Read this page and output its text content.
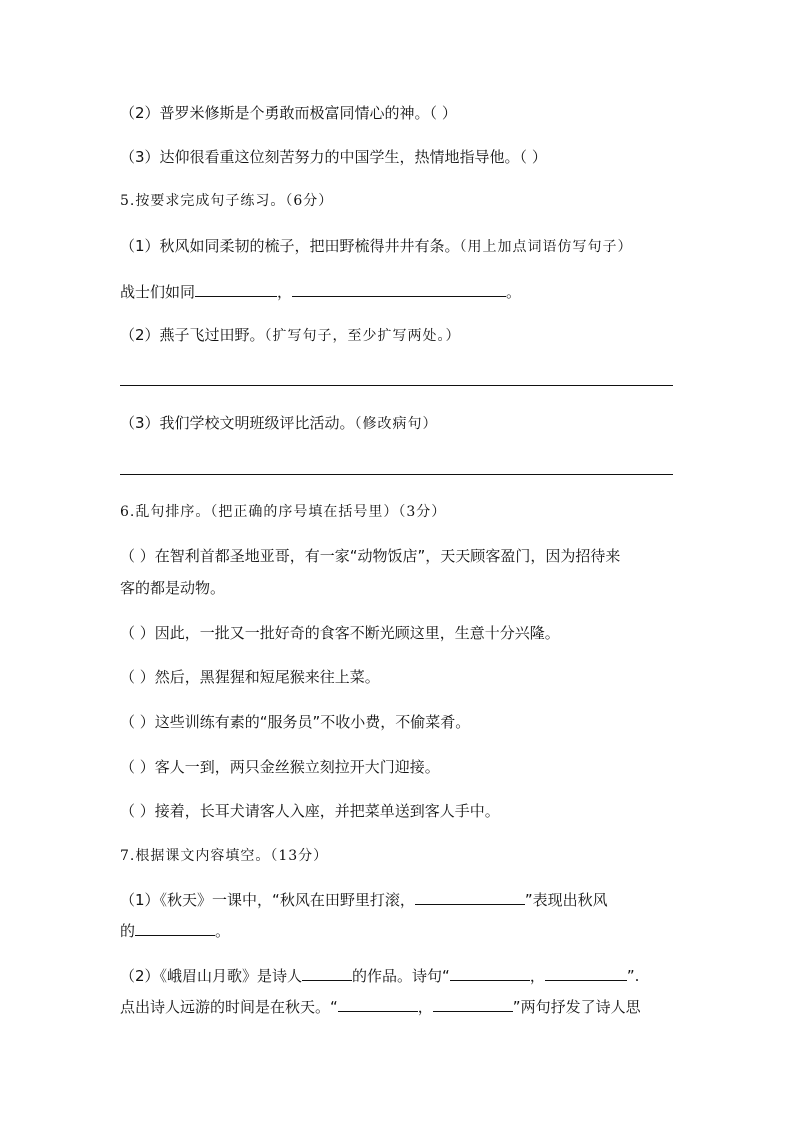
（2）普罗米修斯是个勇敢而极富同情心的神。（ ）
（3）达仰很看重这位刻苦努力的中国学生，热情地指导他。（ ）
5.按要求完成句子练习。（6分）
（1）秋风如同柔韧的梳子，把田野梳得井井有条。（用上加点词语仿写句子）
战士们如同	，	。
（2）燕子飞过田野。（扩写句子，至少扩写两处。）
（3）我们学校文明班级评比活动。（修改病句）
6.乱句排序。（把正确的序号填在括号里）（3分）
（ ）在智利首都圣地亚哥，有一家“动物饭店”，天天顾客盈门，因为招待来
客的都是动物。
（ ）因此，一批又一批好奇的食客不断光顾这里，生意十分兴隆。
（ ）然后，黑猩猩和短尾猴来往上菜。
（ ）这些训练有素的“服务员”不收小费，不偷菜肴。
（ ）客人一到，两只金丝猴立刻拉开大门迎接。
（ ）接着，长耳犬请客人入座，并把菜单送到客人手中。
7.根据课文内容填空。（13分）
（1）《秋天》一课中，“秋风在田野里打滚，	”表现出秋风
的	。
（2）《峨眉山月歌》是诗人	的作品。诗句“	，	”.
点出诗人远游的时间是在秋天。“	，	”两句抒发了诗人思
